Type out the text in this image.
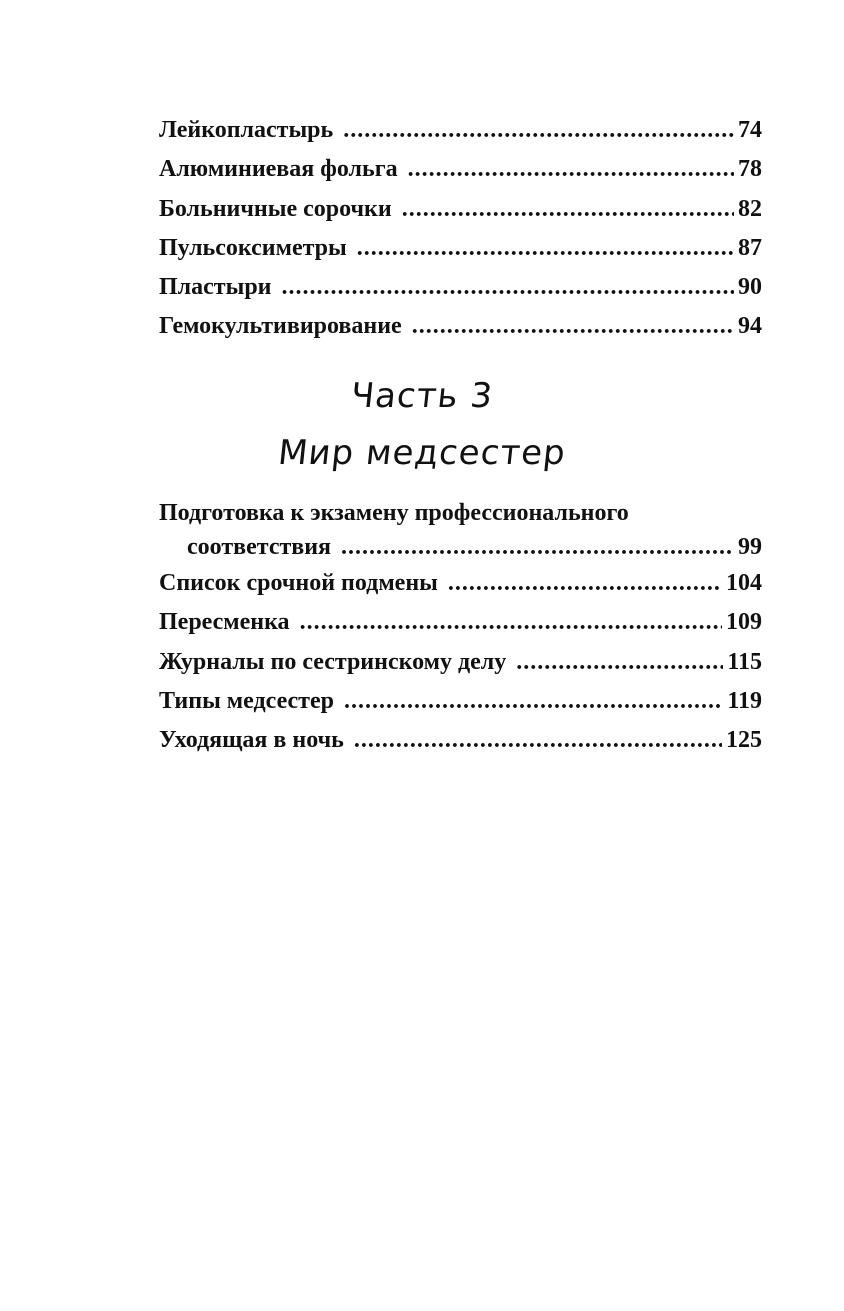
Лейкопластырь .....	74
Алюминиевая фольга .....	78
Больничные сорочки .....	82
Пульсоксиметры .....	87
Пластыри .....	90
Гемокультивирование .....	94
Часть 3
Мир медсестер
Подготовка к экзамену профессионального
соответствия .....	99
Список срочной подмены .....	104
Пересменка .....	109
Журналы по сестринскому делу .....	115
Типы медсестер .....	119
Уходящая в ночь .....	125
